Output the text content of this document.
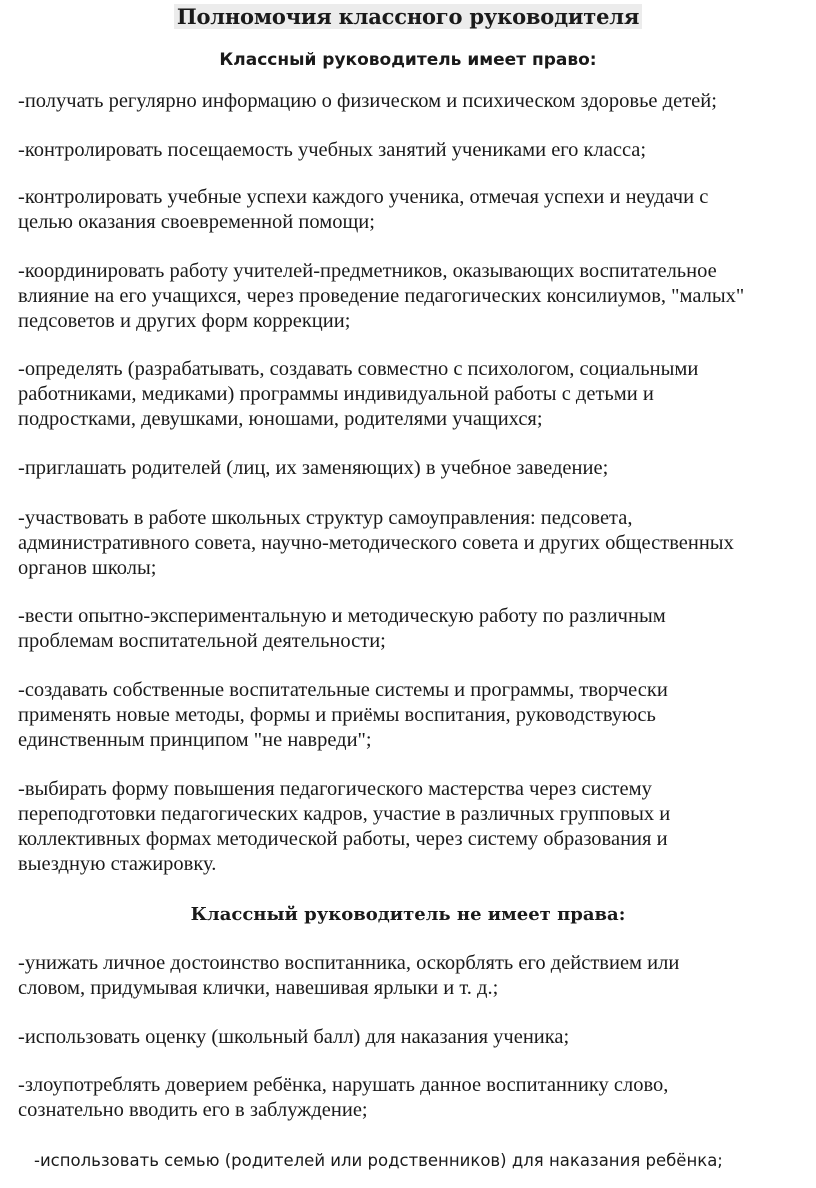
Полномочия классного руководителя
Классный руководитель имеет право:
-получать регулярно информацию о физическом и психическом здоровье детей;
-контролировать посещаемость учебных занятий учениками его класса;
-контролировать учебные успехи каждого ученика, отмечая успехи и неудачи с
целью оказания своевременной помощи;
-координировать работу учителей-предметников, оказывающих воспитательное
влияние на его учащихся, через проведение педагогических консилиумов, "малых"
педсоветов и других форм коррекции;
-определять (разрабатывать, создавать совместно с психологом, социальными
работниками, медиками) программы индивидуальной работы с детьми и
подростками, девушками, юношами, родителями учащихся;
-приглашать родителей (лиц, их заменяющих) в учебное заведение;
-участвовать в работе школьных структур самоуправления: педсовета,
административного совета, научно-методического совета и других общественных
органов школы;
-вести опытно-экспериментальную и методическую работу по различным
проблемам воспитательной деятельности;
-создавать собственные воспитательные системы и программы, творчески
применять новые методы, формы и приёмы воспитания, руководствуюсь
единственным принципом "не навреди";
-выбирать форму повышения педагогического мастерства через систему
переподготовки педагогических кадров, участие в различных групповых и
коллективных формах методической работы, через систему образования и
выездную стажировку.
Классный руководитель не имеет права:
-унижать личное достоинство воспитанника, оскорблять его действием или
словом, придумывая клички, навешивая ярлыки и т. д.;
-использовать оценку (школьный балл) для наказания ученика;
-злоупотреблять доверием ребёнка, нарушать данное воспитаннику слово,
сознательно вводить его в заблуждение;
-использовать семью (родителей или родственников) для наказания ребёнка;
